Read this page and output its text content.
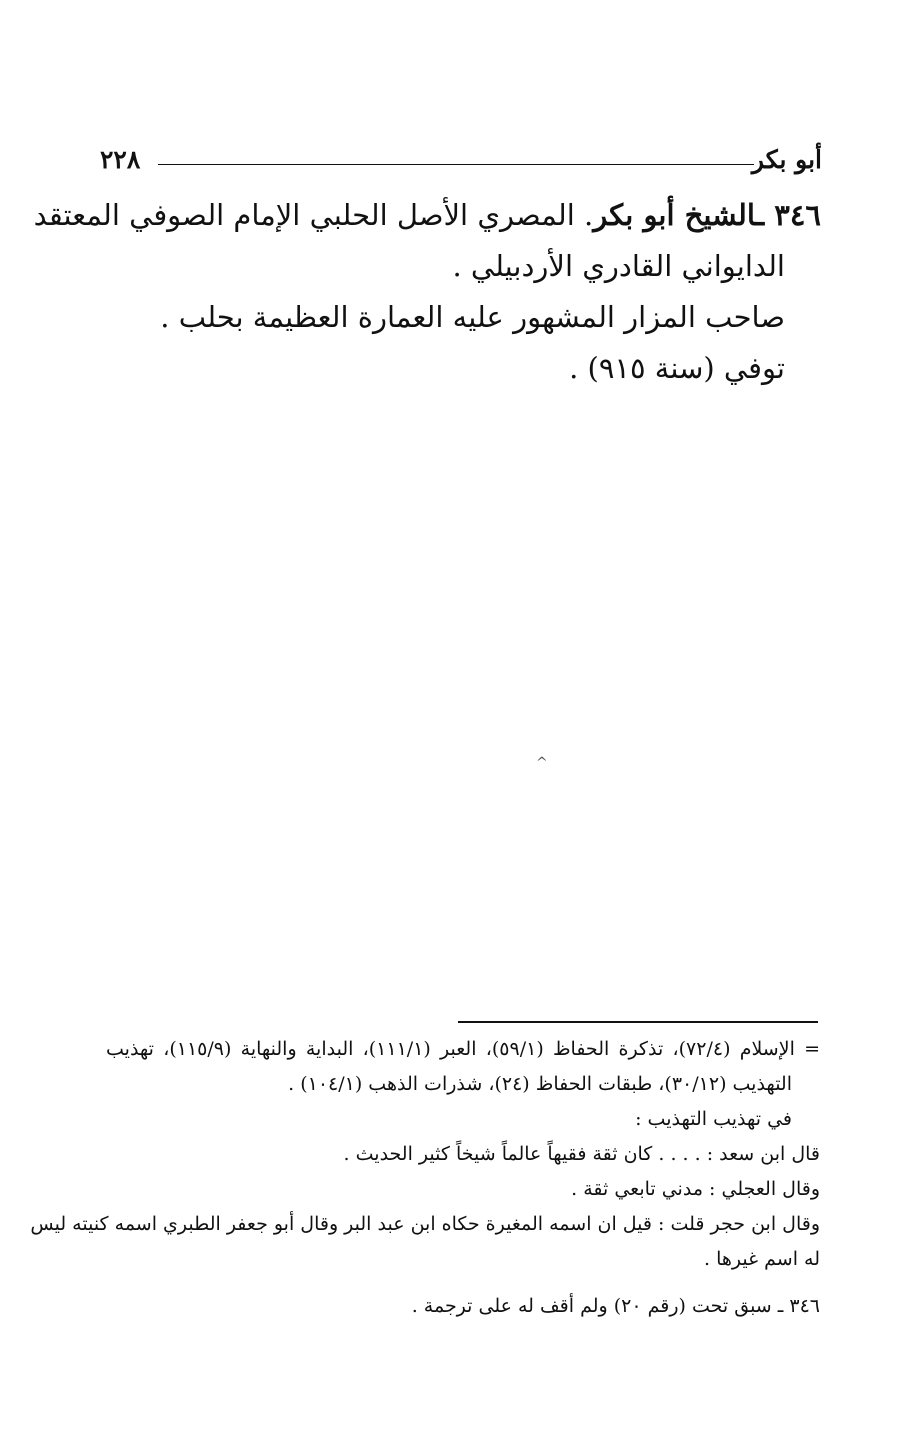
أبو بكر
٢٢٨
٣٤٦ ـالشيخ أبو بكر. المصري الأصل الحلبي الإمام الصوفي المعتقد
الدايواني القادري الأردبيلي .
صاحب المزار المشهور عليه العمارة العظيمة بحلب .
توفي (سنة ٩١٥) .
^
= الإسلام (٧٢/٤)، تذكرة الحفاظ (٥٩/١)، العبر (١١١/١)، البداية والنهاية (١١٥/٩)، تهذيب
التهذيب (٣٠/١٢)، طبقات الحفاظ (٢٤)، شذرات الذهب (١٠٤/١) .
في تهذيب التهذيب :
قال ابن سعد : . . . . كان ثقة فقيهاً عالماً شيخاً كثير الحديث .
وقال العجلي : مدني تابعي ثقة .
وقال ابن حجر قلت : قيل ان اسمه المغيرة حكاه ابن عبد البر وقال أبو جعفر الطبري اسمه كنيته ليس
له اسم غيرها .
٣٤٦ ـ سبق تحت (رقم ٢٠) ولم أقف له على ترجمة .
